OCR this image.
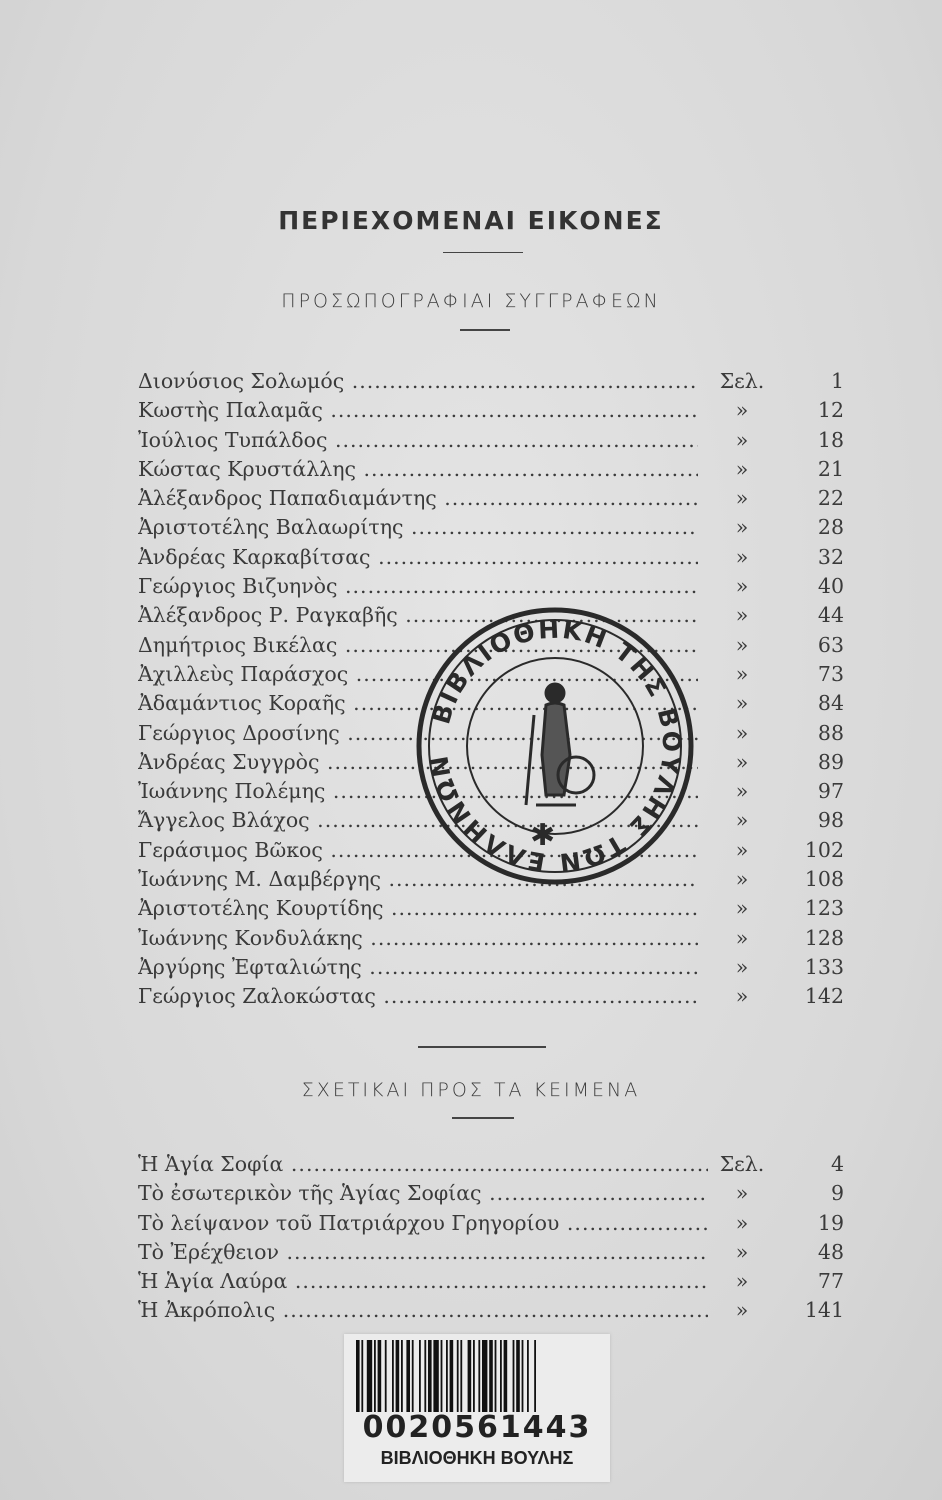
ΠΕΡΙΕΧΟΜΕΝΑΙ ΕΙΚΟΝΕΣ
ΠΡΟΣΩΠΟΓΡΑΦΙΑΙ ΣΥΓΓΡΑΦΕΩΝ
Διονύσιος Σολωμός .....	Σελ.	1
Κωστὴς Παλαμᾶς .....	»	12
Ἰούλιος Τυπάλδος .....	»	18
Κώστας Κρυστάλλης .....	»	21
Ἀλέξανδρος Παπαδιαμάντης .....	»	22
Ἀριστοτέλης Βαλαωρίτης .....	»	28
Ἀνδρέας Καρκαβίτσας .....	»	32
Γεώργιος Βιζυηνὸς .....	»	40
Ἀλέξανδρος Ρ. Ραγκαβῆς .....	»	44
Δημήτριος Βικέλας .....	»	63
Ἀχιλλεὺς Παράσχος .....	»	73
Ἀδαμάντιος Κοραῆς .....	»	84
Γεώργιος Δροσίνης .....	»	88
Ἀνδρέας Συγγρὸς .....	»	89
Ἰωάννης Πολέμης .....	»	97
Ἄγγελος Βλάχος .....	»	98
Γεράσιμος Βῶκος .....	»	102
Ἰωάννης Μ. Δαμβέργης .....	»	108
Ἀριστοτέλης Κουρτίδης .....	»	123
Ἰωάννης Κονδυλάκης .....	»	128
Ἀργύρης Ἐφταλιώτης .....	»	133
Γεώργιος Ζαλοκώστας .....	»	142
ΣΧΕΤΙΚΑΙ ΠΡΟΣ ΤΑ ΚΕΙΜΕΝΑ
Ἡ Ἁγία Σοφία .....	Σελ.	4
Τὸ ἐσωτερικὸν τῆς Ἁγίας Σοφίας .....	»	9
Τὸ λείψανον τοῦ Πατριάρχου Γρηγορίου .....	»	19
Τὸ Ἐρέχθειον .....	»	48
Ἡ Ἁγία Λαύρα .....	»	77
Ἡ Ἀκρόπολις .....	»	141
ΒΙΒΛΙΟΘΗΚΗ ΤΗΣ ΒΟΥΛΗΣ ΤΩΝ ΕΛΛΗΝΩΝ
✱
0020561443
ΒΙΒΛΙΟΘΗΚΗ ΒΟΥΛΗΣ
